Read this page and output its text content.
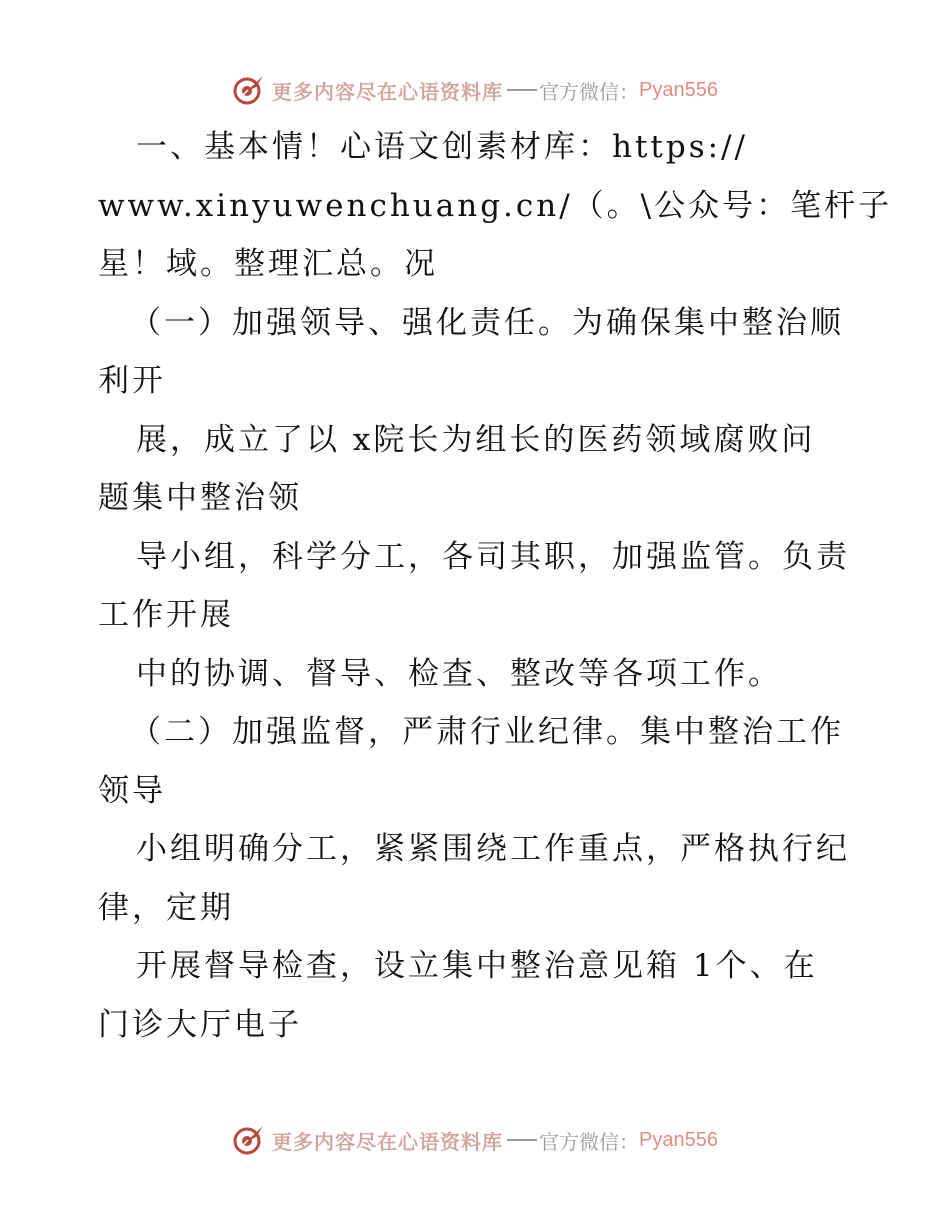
更多内容尽在心语资料库 官方微信： Pyan556
一、基本情！心语文创素材库：https://
www.xinyuwenchuang.cn/（。\公众号：笔杆子
星！域。整理汇总。况
（一）加强领导、强化责任。为确保集中整治顺
利开
展，成立了以 x院长为组长的医药领域腐败问
题集中整治领
导小组，科学分工，各司其职，加强监管。负责
工作开展
中的协调、督导、检查、整改等各项工作。
（二）加强监督，严肃行业纪律。集中整治工作
领导
小组明确分工，紧紧围绕工作重点，严格执行纪
律，定期
开展督导检查，设立集中整治意见箱 1个、在
门诊大厅电子
更多内容尽在心语资料库 官方微信： Pyan556
